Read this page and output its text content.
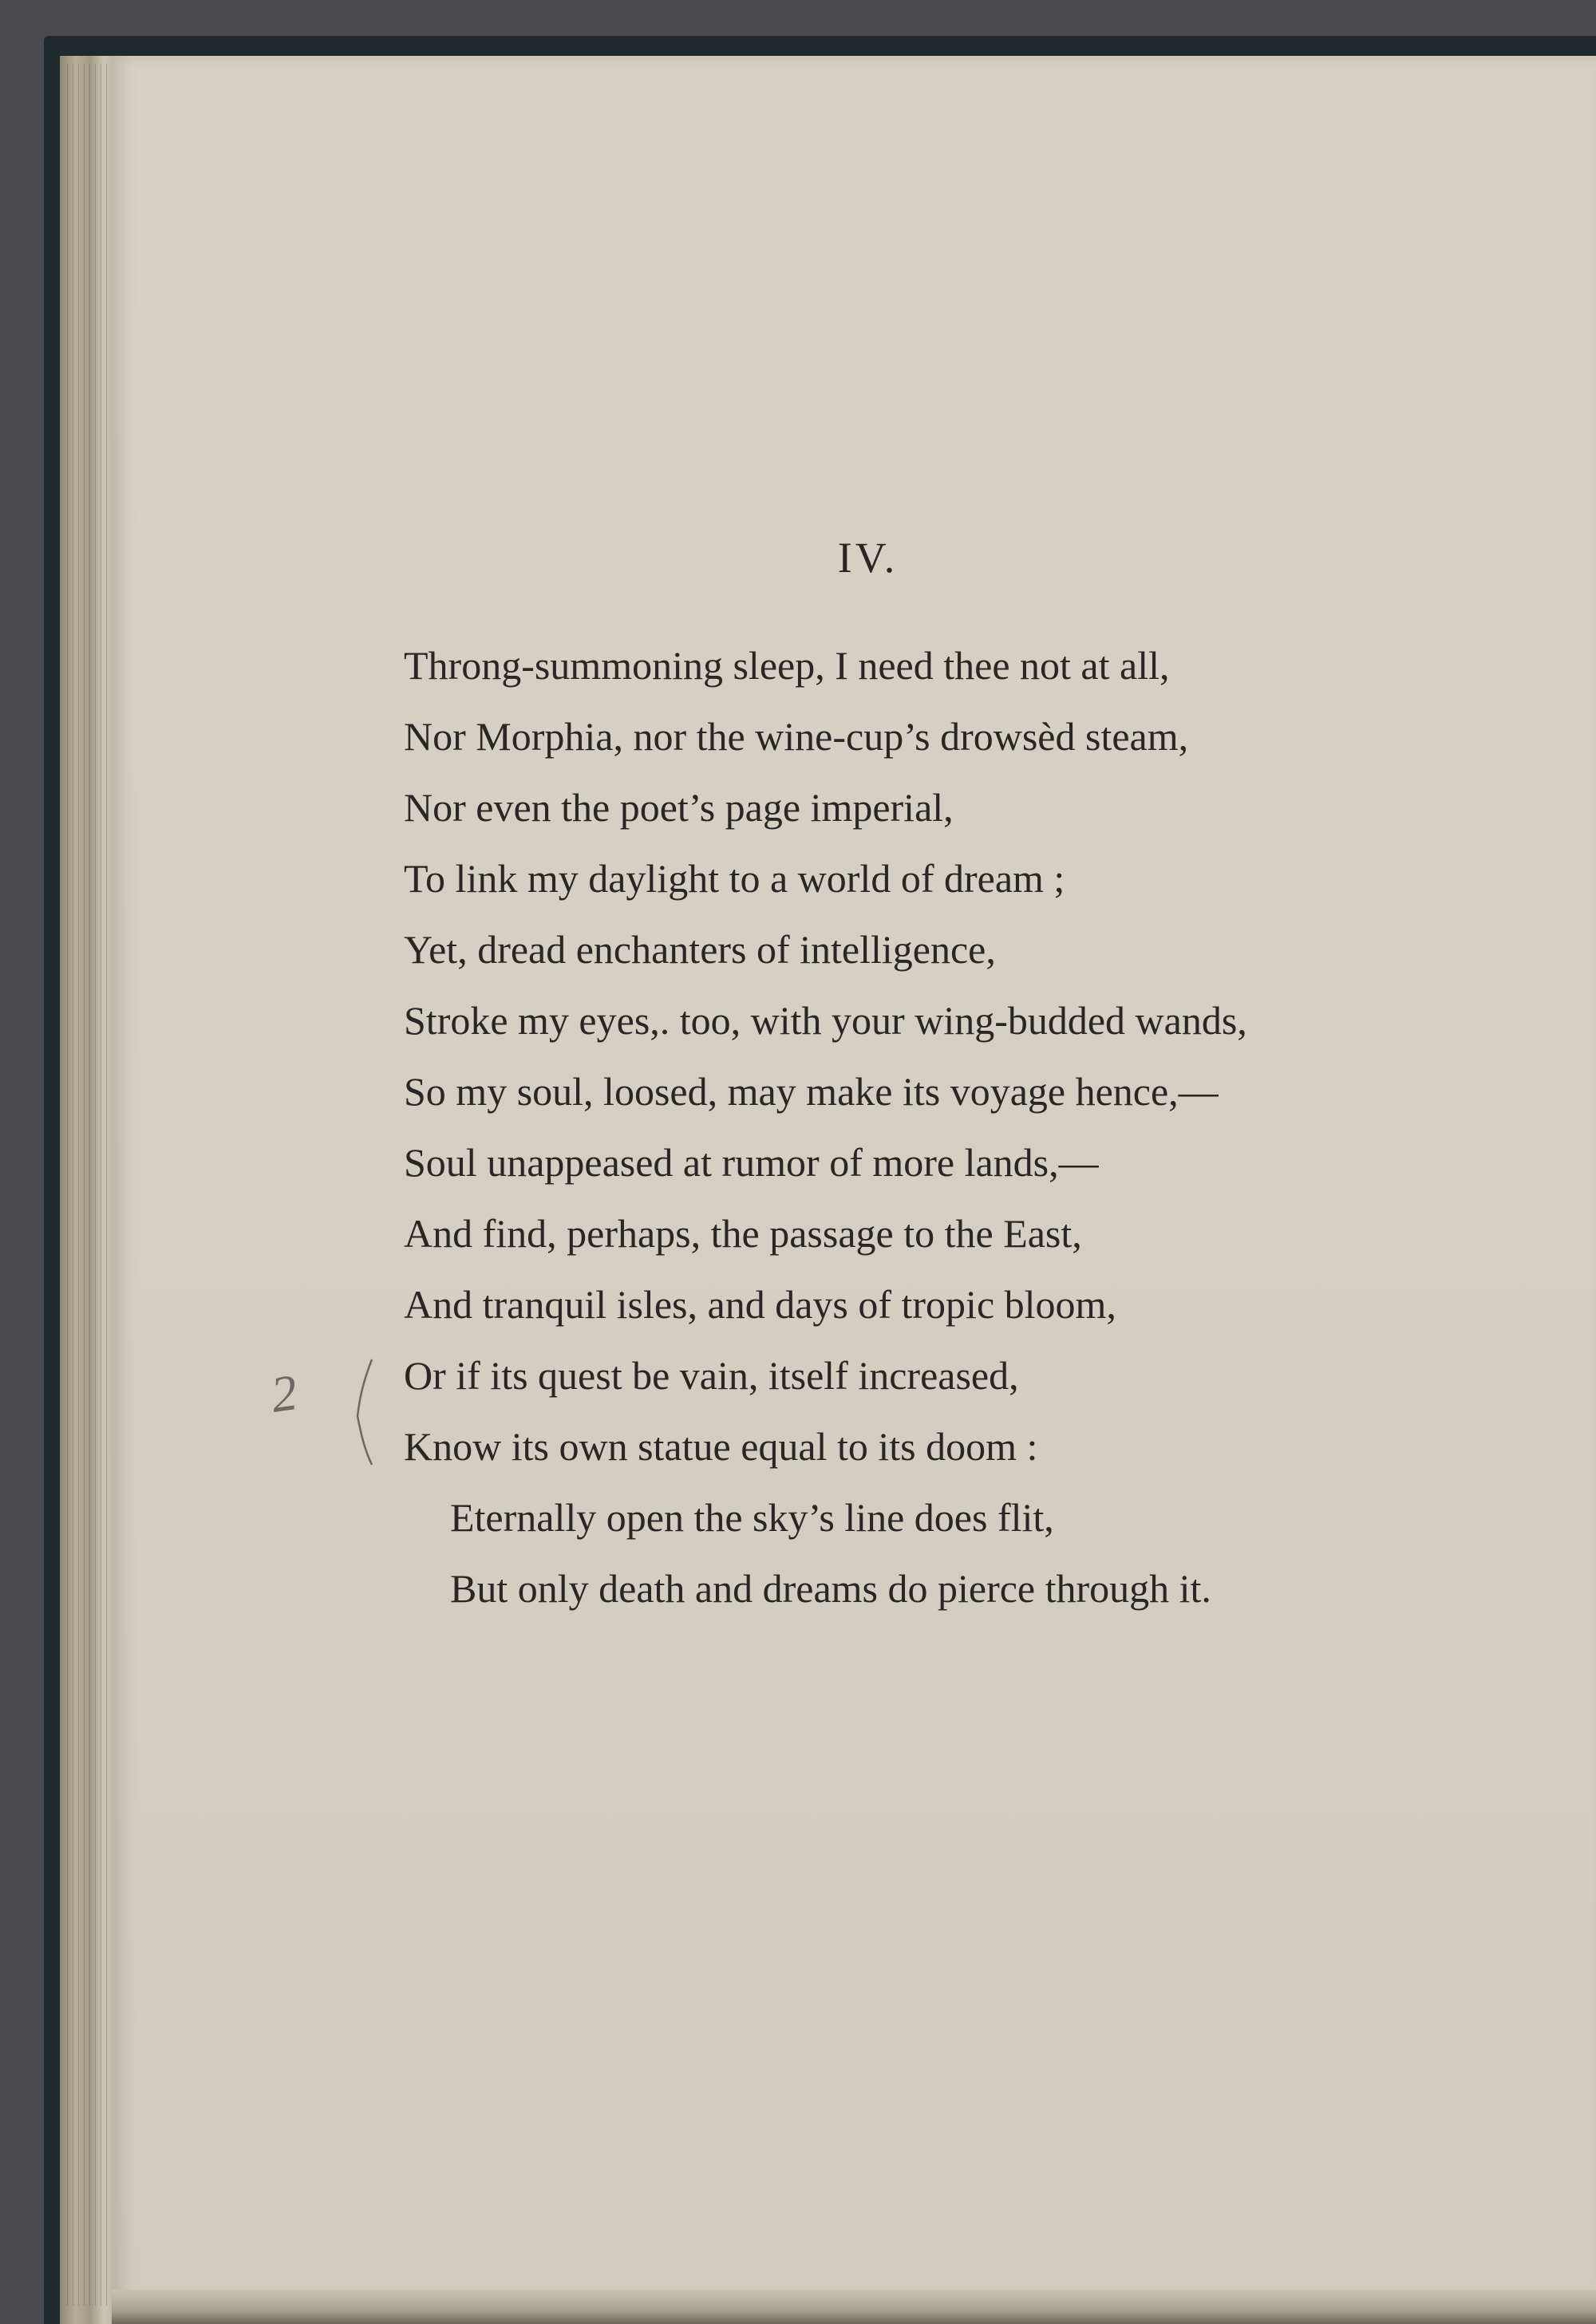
IV.
Throng-summoning sleep, I need thee not at all,
Nor Morphia, nor the wine-cup’s drowsèd steam,
Nor even the poet’s page imperial,
To link my daylight to a world of dream ;
Yet, dread enchanters of intelligence,
Stroke my eyes,. too, with your wing-budded wands,
So my soul, loosed, may make its voyage hence,—
Soul unappeased at rumor of more lands,—
And find, perhaps, the passage to the East,
And tranquil isles, and days of tropic bloom,
Or if its quest be vain, itself increased,
Know its own statue equal to its doom :
Eternally open the sky’s line does flit,
But only death and dreams do pierce through it.
2
